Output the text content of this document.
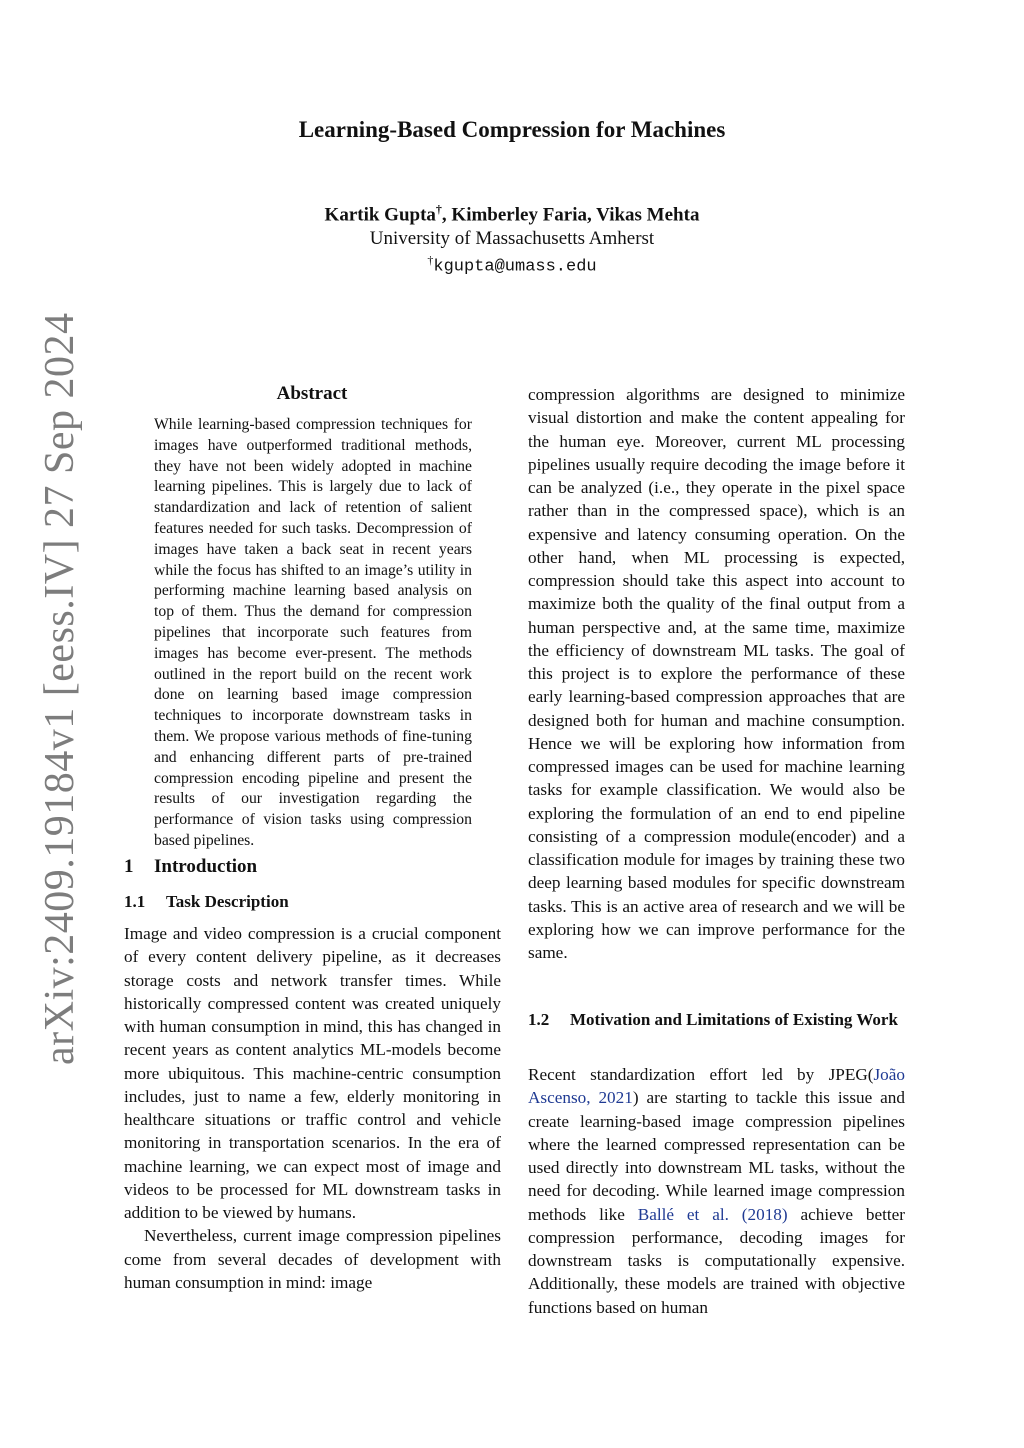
arXiv:2409.19184v1 [eess.IV] 27 Sep 2024
Learning-Based Compression for Machines
Kartik Gupta†, Kimberley Faria, Vikas Mehta
University of Massachusetts Amherst
†kgupta@umass.edu
Abstract
While learning-based compression techniques for images have outperformed traditional methods, they have not been widely adopted in machine learning pipelines. This is largely due to lack of standardization and lack of retention of salient features needed for such tasks. Decompression of images have taken a back seat in recent years while the focus has shifted to an image’s utility in performing machine learning based analysis on top of them. Thus the demand for compression pipelines that incorporate such features from images has become ever-present. The methods outlined in the report build on the recent work done on learning based image compression techniques to incorporate downstream tasks in them. We propose various methods of fine-tuning and enhancing different parts of pre-trained compression encoding pipeline and present the results of our investigation regarding the performance of vision tasks using compression based pipelines.
1 Introduction
1.1 Task Description

Image and video compression is a crucial component of every content delivery pipeline, as it decreases storage costs and network transfer times. While historically compressed content was created uniquely with human consumption in mind, this has changed in recent years as content analytics ML-models become more ubiquitous. This machine-centric consumption includes, just to name a few, elderly monitoring in healthcare situations or traffic control and vehicle monitoring in transportation scenarios. In the era of machine learning, we can expect most of image and videos to be processed for ML downstream tasks in addition to be viewed by humans.

Nevertheless, current image compression pipelines come from several decades of development with human consumption in mind: image

compression algorithms are designed to minimize visual distortion and make the content appealing for the human eye. Moreover, current ML processing pipelines usually require decoding the image before it can be analyzed (i.e., they operate in the pixel space rather than in the compressed space), which is an expensive and latency consuming operation. On the other hand, when ML processing is expected, compression should take this aspect into account to maximize both the quality of the final output from a human perspective and, at the same time, maximize the efficiency of downstream ML tasks. The goal of this project is to explore the performance of these early learning-based compression approaches that are designed both for human and machine consumption. Hence we will be exploring how information from compressed images can be used for machine learning tasks for example classification. We would also be exploring the formulation of an end to end pipeline consisting of a compression module(encoder) and a classification module for images by training these two deep learning based modules for specific downstream tasks. This is an active area of research and we will be exploring how we can improve performance for the same.

1.2 Motivation and Limitations of Existing Work

Recent standardization effort led by JPEG(João Ascenso, 2021) are starting to tackle this issue and create learning-based image compression pipelines where the learned compressed representation can be used directly into downstream ML tasks, without the need for decoding. While learned image compression methods like Ballé et al. (2018) achieve better compression performance, decoding images for downstream tasks is computationally expensive. Additionally, these models are trained with objective functions based on human
